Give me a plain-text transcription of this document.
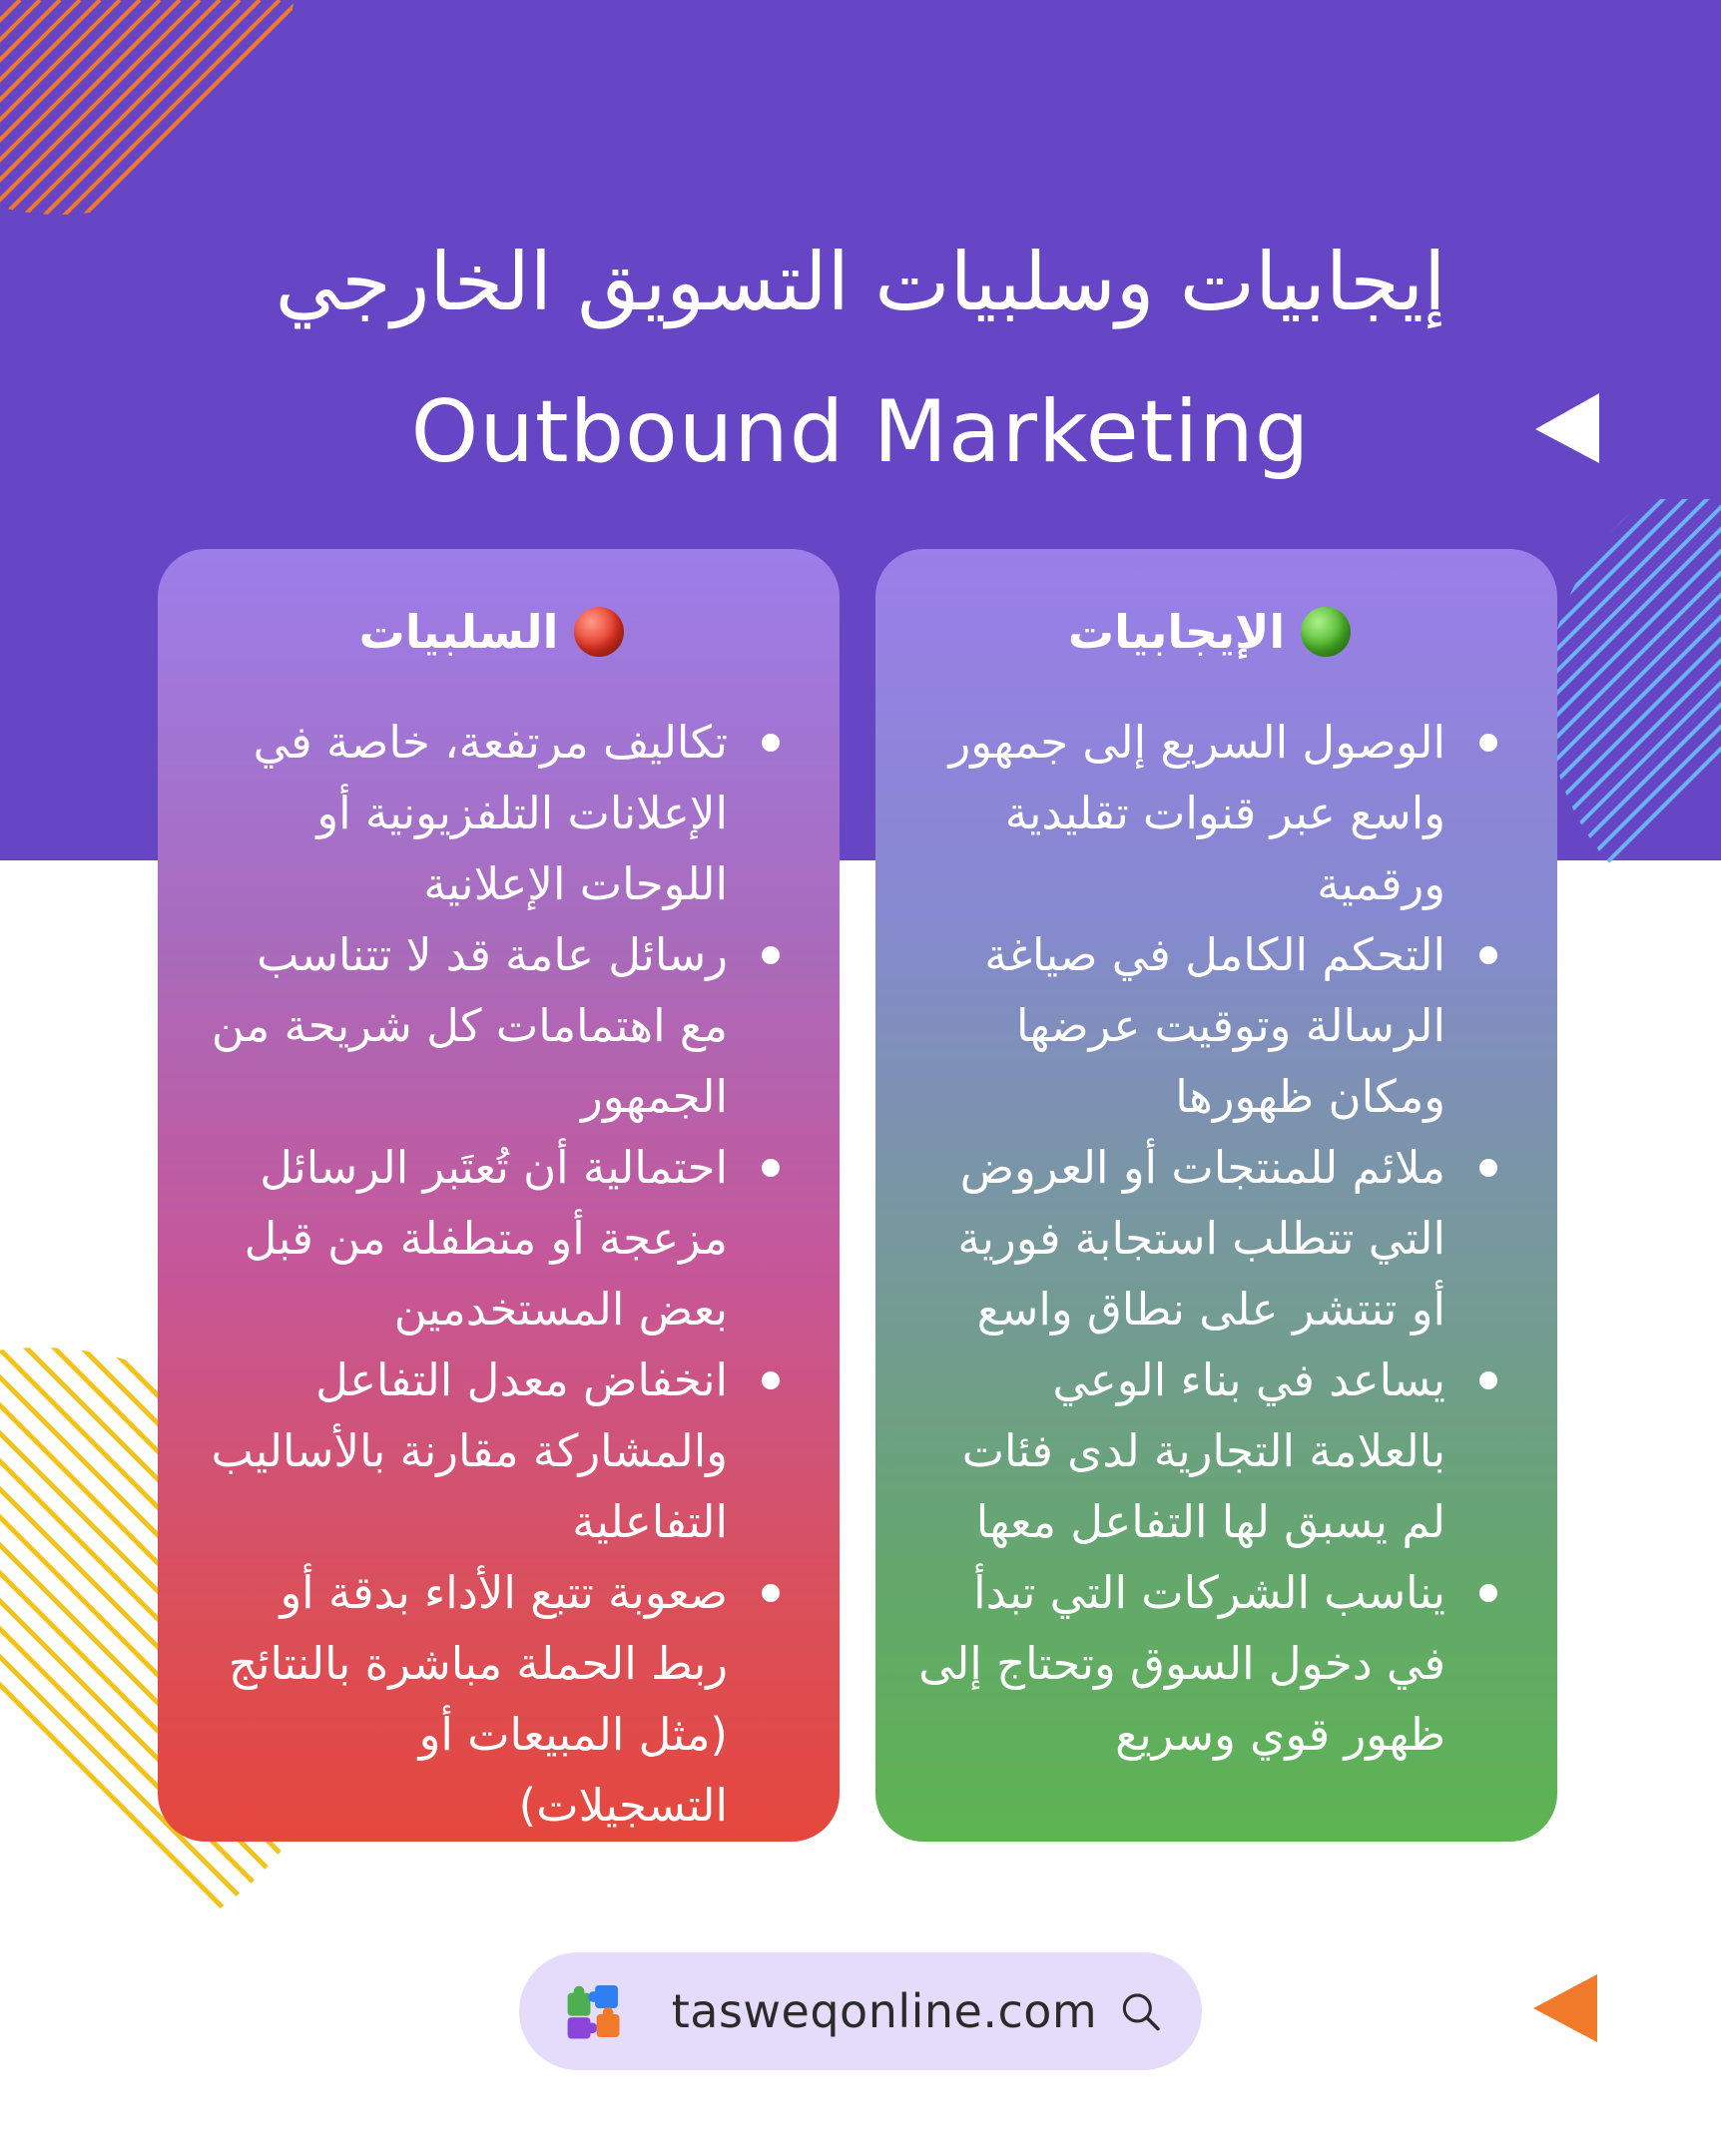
إيجابيات وسلبيات التسويق الخارجي
Outbound Marketing
الإيجابيات
الوصول السريع إلى جمهور واسع عبر قنوات تقليدية ورقمية
التحكم الكامل في صياغة الرسالة وتوقيت عرضها ومكان ظهورها
ملائم للمنتجات أو العروض التي تتطلب استجابة فورية أو تنتشر على نطاق واسع
يساعد في بناء الوعي بالعلامة التجارية لدى فئات لم يسبق لها التفاعل معها
يناسب الشركات التي تبدأ في دخول السوق وتحتاج إلى ظهور قوي وسريع
السلبيات
تكاليف مرتفعة، خاصة في الإعلانات التلفزيونية أو اللوحات الإعلانية
رسائل عامة قد لا تتناسب مع اهتمامات كل شريحة من الجمهور
احتمالية أن تُعتَبر الرسائل مزعجة أو متطفلة من قبل بعض المستخدمين
انخفاض معدل التفاعل والمشاركة مقارنة بالأساليب التفاعلية
صعوبة تتبع الأداء بدقة أو ربط الحملة مباشرة بالنتائج (مثل المبيعات أو التسجيلات)
tasweqonline.com
